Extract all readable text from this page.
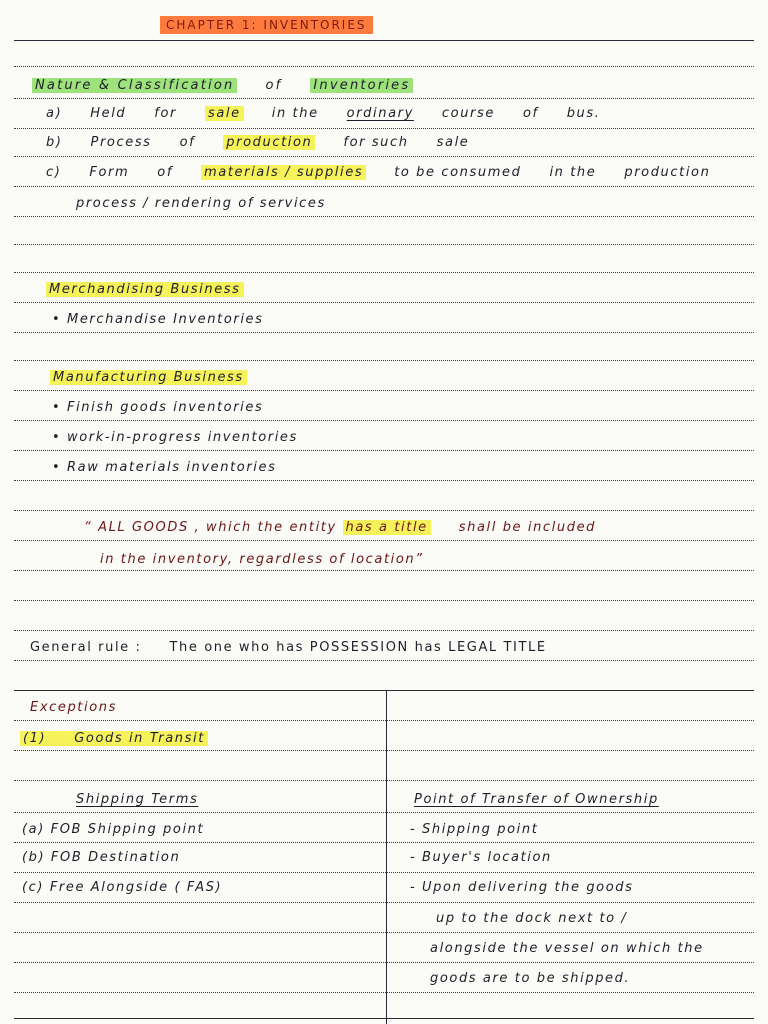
CHAPTER 1: INVENTORIES
Nature & Classification of Inventories
a) Held for sale in the ordinary course of bus.
b) Process of production for such sale
c) Form of materials / supplies to be consumed in the production
process / rendering of services
Merchandising Business
• Merchandise Inventories
Manufacturing Business
• Finish goods inventories
• work-in-progress inventories
• Raw materials inventories
“ ALL GOODS , which the entity has a title shall be included
in the inventory, regardless of location”
General rule : The one who has POSSESSION has LEGAL TITLE
Exceptions
(1) Goods in Transit
Shipping Terms	Point of Transfer of Ownership
(a) FOB Shipping point	- Shipping point
(b) FOB Destination	- Buyer's location
(c) Free Alongside ( FAS)	- Upon delivering the goods
up to the dock next to /
alongside the vessel on which the
goods are to be shipped.
